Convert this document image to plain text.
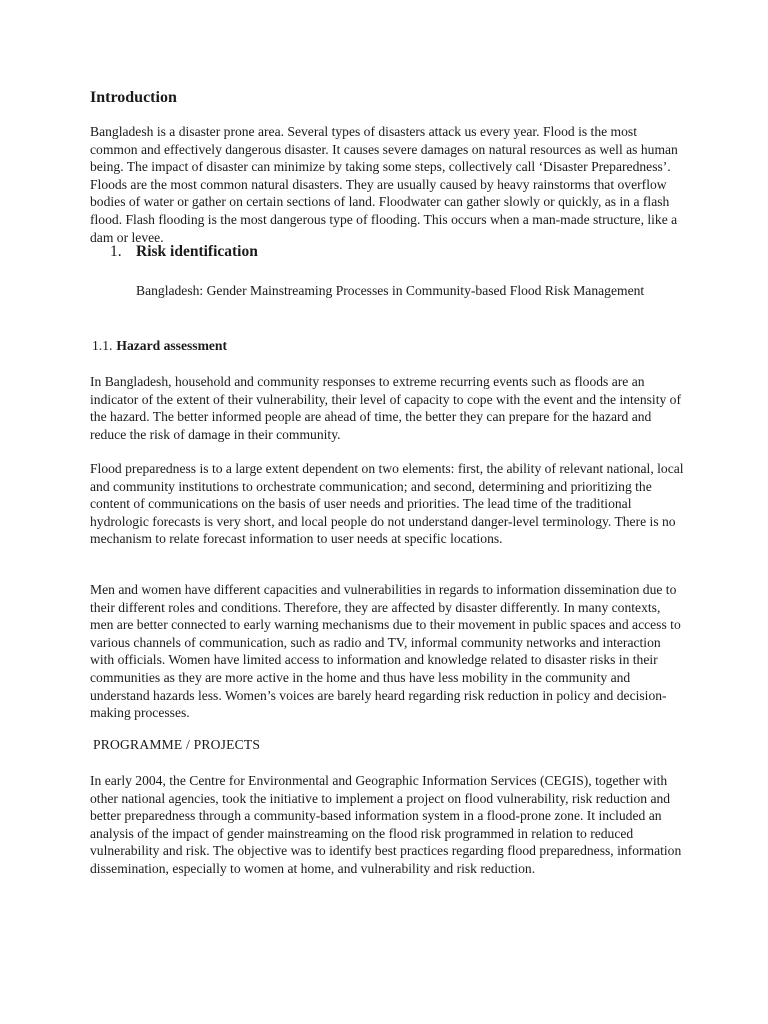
Introduction

Bangladesh is a disaster prone area. Several types of disasters attack us every year. Flood is the most common and effectively dangerous disaster. It causes severe damages on natural resources as well as human being. The impact of disaster can minimize by taking some steps, collectively call ‘Disaster Preparedness’. Floods are the most common natural disasters. They are usually caused by heavy rainstorms that overflow bodies of water or gather on certain sections of land. Floodwater can gather slowly or quickly, as in a flash flood. Flash flooding is the most dangerous type of flooding. This occurs when a man-made structure, like a dam or levee.

1. Risk identification

Bangladesh: Gender Mainstreaming Processes in Community-based Flood Risk Management

1.1. Hazard assessment

In Bangladesh, household and community responses to extreme recurring events such as floods are an indicator of the extent of their vulnerability, their level of capacity to cope with the event and the intensity of the hazard. The better informed people are ahead of time, the better they can prepare for the hazard and reduce the risk of damage in their community.

Flood preparedness is to a large extent dependent on two elements: first, the ability of relevant national, local and community institutions to orchestrate communication; and second, determining and prioritizing the content of communications on the basis of user needs and priorities. The lead time of the traditional hydrologic forecasts is very short, and local people do not understand danger-level terminology. There is no mechanism to relate forecast information to user needs at specific locations.

Men and women have different capacities and vulnerabilities in regards to information dissemination due to their different roles and conditions. Therefore, they are affected by disaster differently. In many contexts, men are better connected to early warning mechanisms due to their movement in public spaces and access to various channels of communication, such as radio and TV, informal community networks and interaction with officials. Women have limited access to information and knowledge related to disaster risks in their communities as they are more active in the home and thus have less mobility in the community and understand hazards less. Women’s voices are barely heard regarding risk reduction in policy and decision-making processes.

PROGRAMME / PROJECTS

In early 2004, the Centre for Environmental and Geographic Information Services (CEGIS), together with other national agencies, took the initiative to implement a project on flood vulnerability, risk reduction and better preparedness through a community-based information system in a flood-prone zone. It included an analysis of the impact of gender mainstreaming on the flood risk programmed in relation to reduced vulnerability and risk. The objective was to identify best practices regarding flood preparedness, information dissemination, especially to women at home, and vulnerability and risk reduction.
